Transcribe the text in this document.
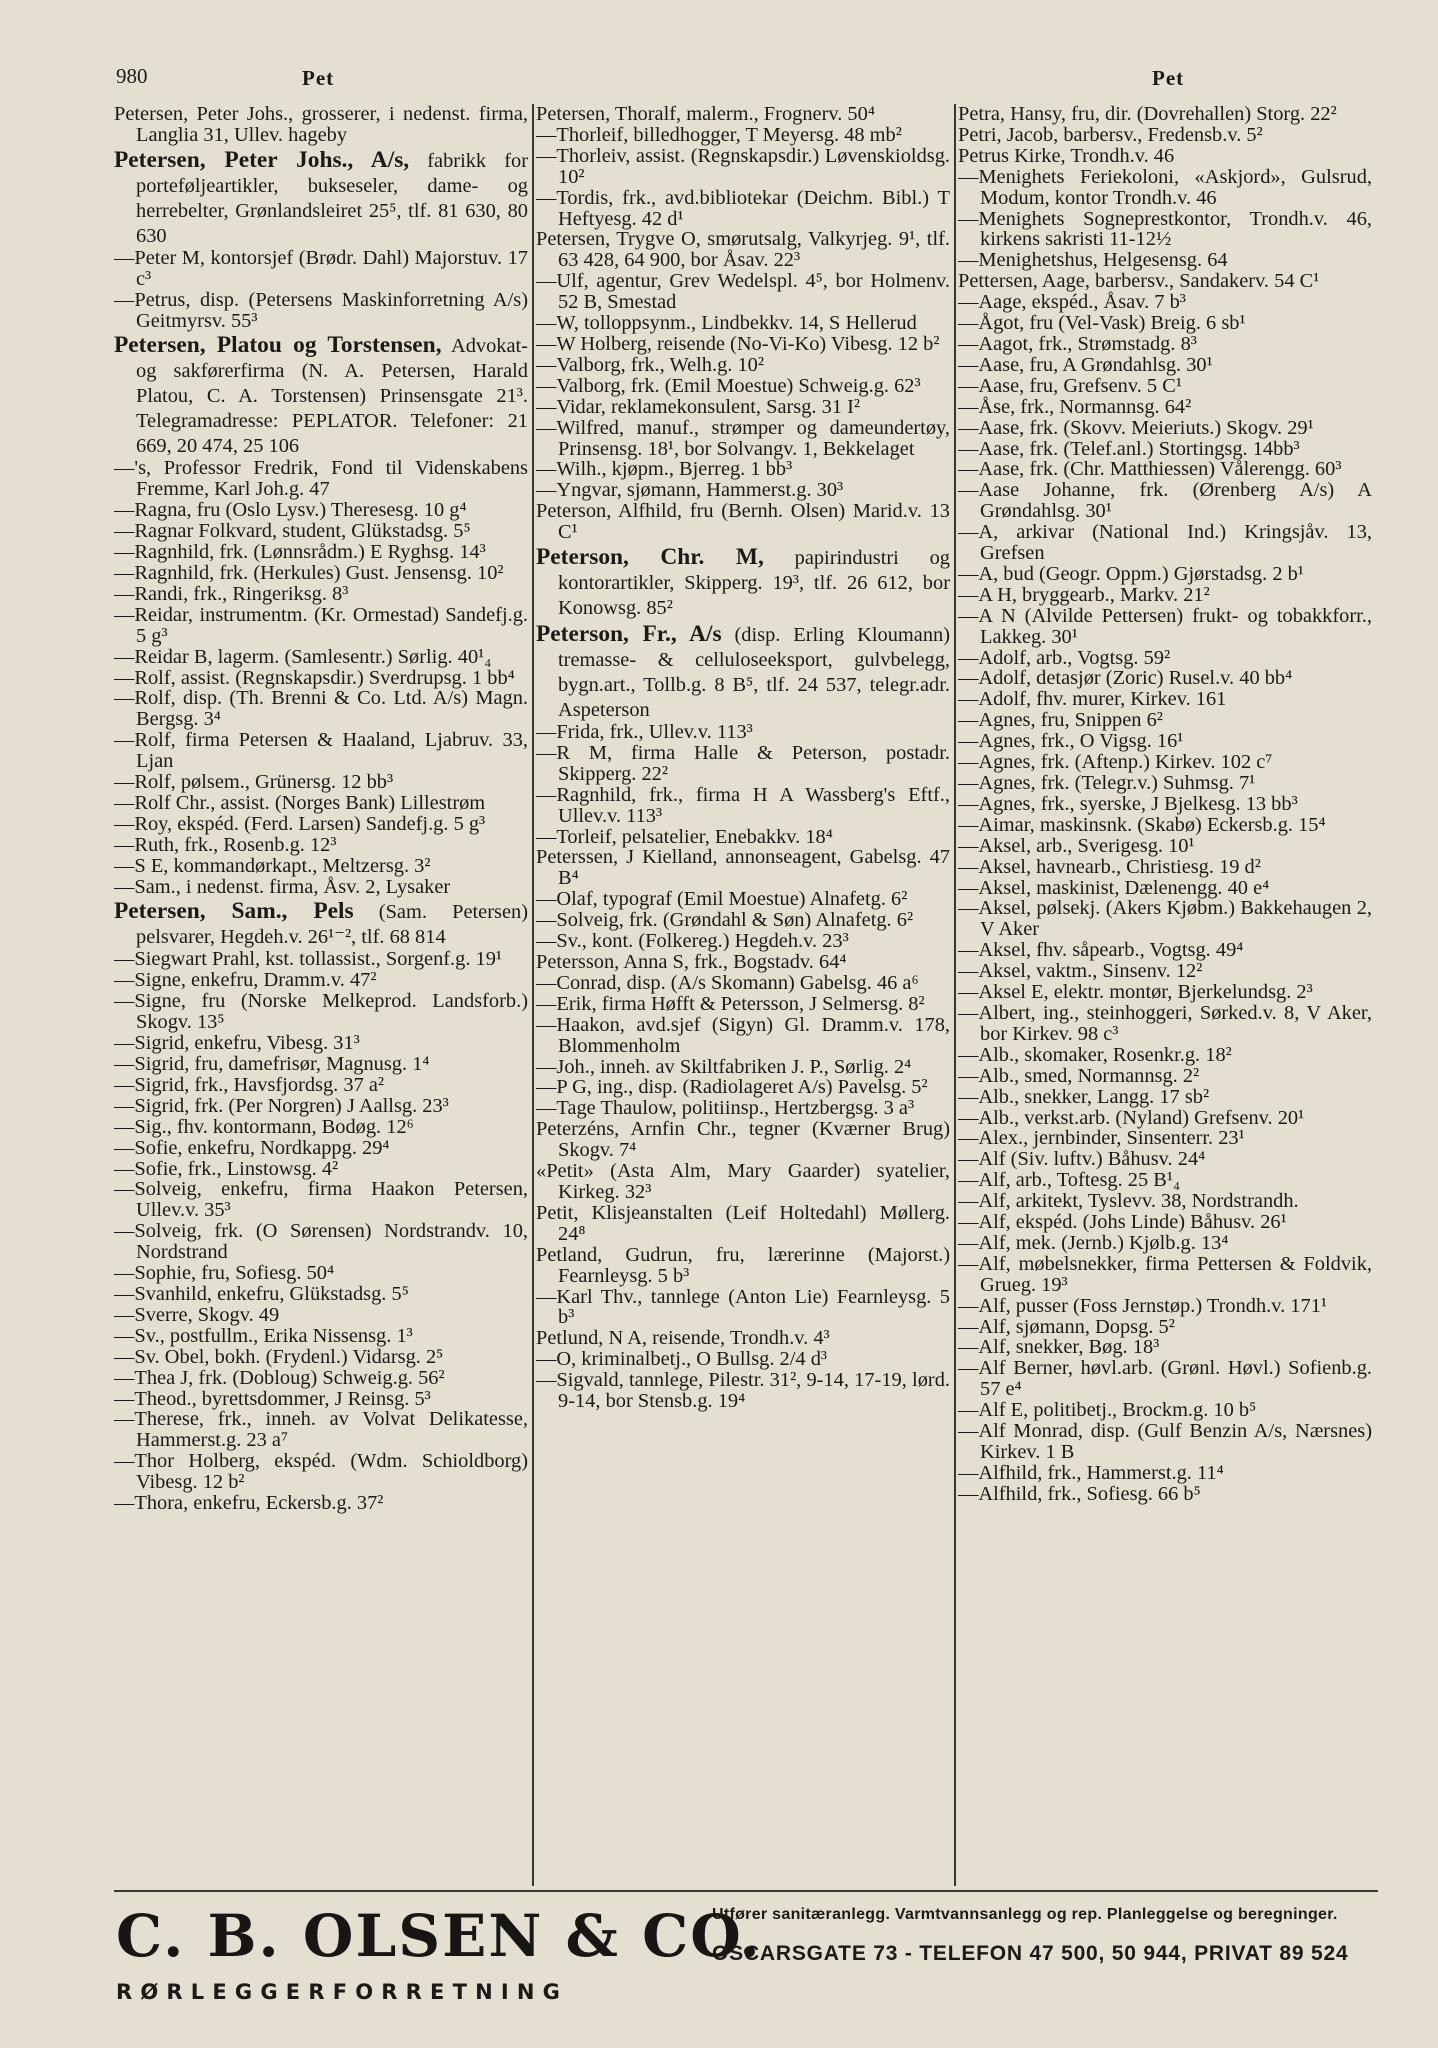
980	Pet	Pet

Petersen, Peter Johs., grosserer, i nedenst. firma, Langlia 31, Ullev. hageby

Petersen, Peter Johs., A/s, fabrikk for porteføljeartikler, bukseseler, dame- og herrebelter, Grønlandsleiret 25⁵, tlf. 81 630, 80 630

—Peter M, kontorsjef (Brødr. Dahl) Majorstuv. 17 c³

—Petrus, disp. (Petersens Maskinforretning A/s) Geitmyrsv. 55³

Petersen, Platou og Torstensen, Advokat- og sakførerfirma (N. A. Petersen, Harald Platou, C. A. Torstensen) Prinsensgate 21³. Telegramadresse: PEPLATOR. Telefoner: 21 669, 20 474, 25 106

—'s, Professor Fredrik, Fond til Videnskabens Fremme, Karl Joh.g. 47

—Ragna, fru (Oslo Lysv.) Theresesg. 10 g⁴

—Ragnar Folkvard, student, Glükstadsg. 5⁵

—Ragnhild, frk. (Lønnsrådm.) E Ryghsg. 14³

—Ragnhild, frk. (Herkules) Gust. Jensensg. 10²

—Randi, frk., Ringeriksg. 8³

—Reidar, instrumentm. (Kr. Ormestad) Sandefj.g. 5 g³

—Reidar B, lagerm. (Samlesentr.) Sørlig. 40¹₄

—Rolf, assist. (Regnskapsdir.) Sverdrupsg. 1 bb⁴

—Rolf, disp. (Th. Brenni & Co. Ltd. A/s) Magn. Bergsg. 3⁴

—Rolf, firma Petersen & Haaland, Ljabruv. 33, Ljan

—Rolf, pølsem., Grünersg. 12 bb³

—Rolf Chr., assist. (Norges Bank) Lillestrøm

—Roy, ekspéd. (Ferd. Larsen) Sandefj.g. 5 g³

—Ruth, frk., Rosenb.g. 12³

—S E, kommandørkapt., Meltzersg. 3²

—Sam., i nedenst. firma, Åsv. 2, Lysaker

Petersen, Sam., Pels (Sam. Petersen) pelsvarer, Hegdeh.v. 26¹⁻², tlf. 68 814

—Siegwart Prahl, kst. tollassist., Sorgenf.g. 19¹

—Signe, enkefru, Dramm.v. 47²

—Signe, fru (Norske Melkeprod. Landsforb.) Skogv. 13⁵

—Sigrid, enkefru, Vibesg. 31³

—Sigrid, fru, damefrisør, Magnusg. 1⁴

—Sigrid, frk., Havsfjordsg. 37 a²

—Sigrid, frk. (Per Norgren) J Aallsg. 23³

—Sig., fhv. kontormann, Bodøg. 12⁶

—Sofie, enkefru, Nordkappg. 29⁴

—Sofie, frk., Linstowsg. 4²

—Solveig, enkefru, firma Haakon Petersen, Ullev.v. 35³

—Solveig, frk. (O Sørensen) Nordstrandv. 10, Nordstrand

—Sophie, fru, Sofiesg. 50⁴

—Svanhild, enkefru, Glükstadsg. 5⁵

—Sverre, Skogv. 49

—Sv., postfullm., Erika Nissensg. 1³

—Sv. Obel, bokh. (Frydenl.) Vidarsg. 2⁵

—Thea J, frk. (Dobloug) Schweig.g. 56²

—Theod., byrettsdommer, J Reinsg. 5³

—Therese, frk., inneh. av Volvat Delikatesse, Hammerst.g. 23 a⁷

—Thor Holberg, ekspéd. (Wdm. Schioldborg) Vibesg. 12 b²

—Thora, enkefru, Eckersb.g. 37²

Petersen, Thoralf, malerm., Frognerv. 50⁴

—Thorleif, billedhogger, T Meyersg. 48 mb²

—Thorleiv, assist. (Regnskapsdir.) Løvenskioldsg. 10²

—Tordis, frk., avd.bibliotekar (Deichm. Bibl.) T Heftyesg. 42 d¹

Petersen, Trygve O, smørutsalg, Valkyrjeg. 9¹, tlf. 63 428, 64 900, bor Åsav. 22³

—Ulf, agentur, Grev Wedelspl. 4⁵, bor Holmenv. 52 B, Smestad

—W, tolloppsynm., Lindbekkv. 14, S Hellerud

—W Holberg, reisende (No-Vi-Ko) Vibesg. 12 b²

—Valborg, frk., Welh.g. 10²

—Valborg, frk. (Emil Moestue) Schweig.g. 62³

—Vidar, reklamekonsulent, Sarsg. 31 I²

—Wilfred, manuf., strømper og dameundertøy, Prinsensg. 18¹, bor Solvangv. 1, Bekkelaget

—Wilh., kjøpm., Bjerreg. 1 bb³

—Yngvar, sjømann, Hammerst.g. 30³

Peterson, Alfhild, fru (Bernh. Olsen) Marid.v. 13 C¹

Peterson, Chr. M, papirindustri og kontorartikler, Skipperg. 19³, tlf. 26 612, bor Konowsg. 85²

Peterson, Fr., A/s (disp. Erling Kloumann) tremasse- & celluloseeksport, gulvbelegg, bygn.art., Tollb.g. 8 B⁵, tlf. 24 537, telegr.adr. Aspeterson

—Frida, frk., Ullev.v. 113³

—R M, firma Halle & Peterson, postadr. Skipperg. 22²

—Ragnhild, frk., firma H A Wassberg's Eftf., Ullev.v. 113³

—Torleif, pelsatelier, Enebakkv. 18⁴

Peterssen, J Kielland, annonseagent, Gabelsg. 47 B⁴

—Olaf, typograf (Emil Moestue) Alnafetg. 6²

—Solveig, frk. (Grøndahl & Søn) Alnafetg. 6²

—Sv., kont. (Folkereg.) Hegdeh.v. 23³

Petersson, Anna S, frk., Bogstadv. 64⁴

—Conrad, disp. (A/s Skomann) Gabelsg. 46 a⁶

—Erik, firma Høfft & Petersson, J Selmersg. 8²

—Haakon, avd.sjef (Sigyn) Gl. Dramm.v. 178, Blommenholm

—Joh., inneh. av Skiltfabriken J. P., Sørlig. 2⁴

—P G, ing., disp. (Radiolageret A/s) Pavelsg. 5²

—Tage Thaulow, politiinsp., Hertzbergsg. 3 a³

Peterzéns, Arnfin Chr., tegner (Kværner Brug) Skogv. 7⁴

«Petit» (Asta Alm, Mary Gaarder) syatelier, Kirkeg. 32³

Petit, Klisjeanstalten (Leif Holtedahl) Møllerg. 24⁸

Petland, Gudrun, fru, lærerinne (Majorst.) Fearnleysg. 5 b³

—Karl Thv., tannlege (Anton Lie) Fearnleysg. 5 b³

Petlund, N A, reisende, Trondh.v. 4³

—O, kriminalbetj., O Bullsg. 2/4 d³

—Sigvald, tannlege, Pilestr. 31², 9-14, 17-19, lørd. 9-14, bor Stensb.g. 19⁴

Petra, Hansy, fru, dir. (Dovrehallen) Storg. 22²

Petri, Jacob, barbersv., Fredensb.v. 5²

Petrus Kirke, Trondh.v. 46

—Menighets Feriekoloni, «Askjord», Gulsrud, Modum, kontor Trondh.v. 46

—Menighets Sogneprestkontor, Trondh.v. 46, kirkens sakristi 11-12½

—Menighetshus, Helgesensg. 64

Pettersen, Aage, barbersv., Sandakerv. 54 C¹

—Aage, ekspéd., Åsav. 7 b³

—Ågot, fru (Vel-Vask) Breig. 6 sb¹

—Aagot, frk., Strømstadg. 8³

—Aase, fru, A Grøndahlsg. 30¹

—Aase, fru, Grefsenv. 5 C¹

—Åse, frk., Normannsg. 64²

—Aase, frk. (Skovv. Meieriuts.) Skogv. 29¹

—Aase, frk. (Telef.anl.) Stortingsg. 14bb³

—Aase, frk. (Chr. Matthiessen) Vålerengg. 60³

—Aase Johanne, frk. (Ørenberg A/s) A Grøndahlsg. 30¹

—A, arkivar (National Ind.) Kringsjåv. 13, Grefsen

—A, bud (Geogr. Oppm.) Gjørstadsg. 2 b¹

—A H, bryggearb., Markv. 21²

—A N (Alvilde Pettersen) frukt- og tobakkforr., Lakkeg. 30¹

—Adolf, arb., Vogtsg. 59²

—Adolf, detasjør (Zoric) Rusel.v. 40 bb⁴

—Adolf, fhv. murer, Kirkev. 161

—Agnes, fru, Snippen 6²

—Agnes, frk., O Vigsg. 16¹

—Agnes, frk. (Aftenp.) Kirkev. 102 c⁷

—Agnes, frk. (Telegr.v.) Suhmsg. 7¹

—Agnes, frk., syerske, J Bjelkesg. 13 bb³

—Aimar, maskinsnk. (Skabø) Eckersb.g. 15⁴

—Aksel, arb., Sverigesg. 10¹

—Aksel, havnearb., Christiesg. 19 d²

—Aksel, maskinist, Dælenengg. 40 e⁴

—Aksel, pølsekj. (Akers Kjøbm.) Bakkehaugen 2, V Aker

—Aksel, fhv. såpearb., Vogtsg. 49⁴

—Aksel, vaktm., Sinsenv. 12²

—Aksel E, elektr. montør, Bjerkelundsg. 2³

—Albert, ing., steinhoggeri, Sørked.v. 8, V Aker, bor Kirkev. 98 c³

—Alb., skomaker, Rosenkr.g. 18²

—Alb., smed, Normannsg. 2²

—Alb., snekker, Langg. 17 sb²

—Alb., verkst.arb. (Nyland) Grefsenv. 20¹

—Alex., jernbinder, Sinsenterr. 23¹

—Alf (Siv. luftv.) Båhusv. 24⁴

—Alf, arb., Toftesg. 25 B¹₄

—Alf, arkitekt, Tyslevv. 38, Nordstrandh.

—Alf, ekspéd. (Johs Linde) Båhusv. 26¹

—Alf, mek. (Jernb.) Kjølb.g. 13⁴

—Alf, møbelsnekker, firma Pettersen & Foldvik, Grueg. 19³

—Alf, pusser (Foss Jernstøp.) Trondh.v. 171¹

—Alf, sjømann, Dopsg. 5²

—Alf, snekker, Bøg. 18³

—Alf Berner, høvl.arb. (Grønl. Høvl.) Sofienb.g. 57 e⁴

—Alf E, politibetj., Brockm.g. 10 b⁵

—Alf Monrad, disp. (Gulf Benzin A/s, Nærsnes) Kirkev. 1 B

—Alfhild, frk., Hammerst.g. 11⁴

—Alfhild, frk., Sofiesg. 66 b⁵

C. B. OLSEN & CO.
RØRLEGGERFORRETNING
Utfører sanitæranlegg. Varmtvannsanlegg og rep. Planleggelse og beregninger.
OSCARSGATE 73 - TELEFON 47 500, 50 944, PRIVAT 89 524
